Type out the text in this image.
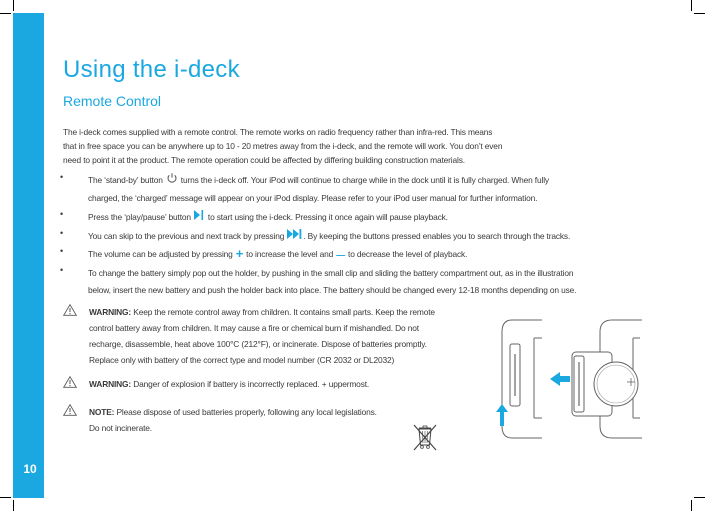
10
Using the i-deck
Remote Control
The i-deck comes supplied with a remote control. The remote works on radio frequency rather than infra-red. This means
that in free space you can be anywhere up to 10 - 20 metres away from the i-deck, and the remote will work. You don’t even
need to point it at the product. The remote operation could be affected by differing building construction materials.
• The ‘stand-by’ button turns the i-deck off. Your iPod will continue to charge while in the dock until it is fully charged. When fully
charged, the ‘charged’ message will appear on your iPod display. Please refer to your iPod user manual for further information.
• Press the ‘play/pause’ button to start using the i-deck. Pressing it once again will pause playback.
• You can skip to the previous and next track by pressing . By keeping the buttons pressed enables you to search through the tracks.
• The volume can be adjusted by pressing + to increase the level and — to decrease the level of playback.
• To change the battery simply pop out the holder, by pushing in the small clip and sliding the battery compartment out, as in the illustration
below, insert the new battery and push the holder back into place. The battery should be changed every 12-18 months depending on use.
WARNING: Keep the remote control away from children. It contains small parts. Keep the remote
control battery away from children. It may cause a fire or chemical burn if mishandled. Do not
recharge, disassemble, heat above 100°C (212°F), or incinerate. Dispose of batteries promptly.
Replace only with battery of the correct type and model number (CR 2032 or DL2032)
WARNING: Danger of explosion if battery is incorrectly replaced. + uppermost.
NOTE: Please dispose of used batteries properly, following any local legislations.
Do not incinerate.
